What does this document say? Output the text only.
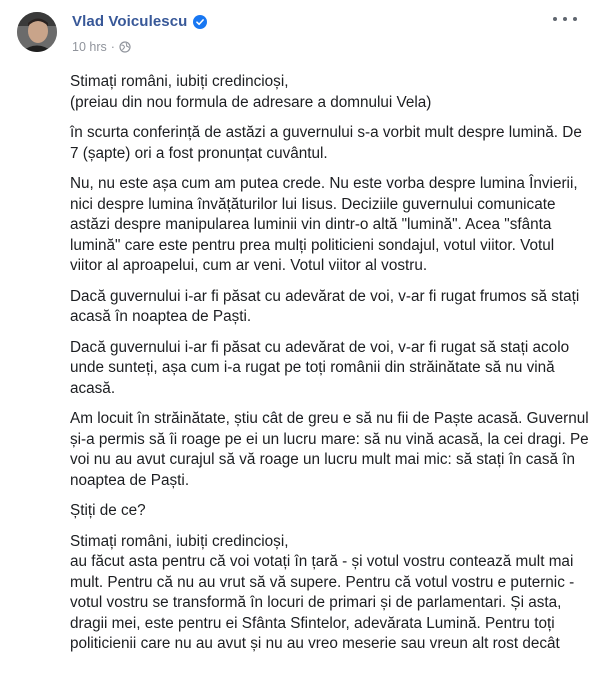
Vlad Voiculescu
10 hrs ·

Stimați români, iubiți credincioși,
(preiau din nou formula de adresare a domnului Vela)

în scurta conferință de astăzi a guvernului s-a vorbit mult despre lumină. De
7 (șapte) ori a fost pronunțat cuvântul.

Nu, nu este așa cum am putea crede. Nu este vorba despre lumina Învierii,
nici despre lumina învățăturilor lui Iisus. Deciziile guvernului comunicate
astăzi despre manipularea luminii vin dintr-o altă "lumină". Acea "sfânta
lumină" care este pentru prea mulți politicieni sondajul, votul viitor. Votul
viitor al aproapelui, cum ar veni. Votul viitor al vostru.

Dacă guvernului i-ar fi păsat cu adevărat de voi, v-ar fi rugat frumos să stați
acasă în noaptea de Paști.

Dacă guvernului i-ar fi păsat cu adevărat de voi, v-ar fi rugat să stați acolo
unde sunteți, așa cum i-a rugat pe toți românii din străinătate să nu vină
acasă.

Am locuit în străinătate, știu cât de greu e să nu fii de Paște acasă. Guvernul
și-a permis să îi roage pe ei un lucru mare: să nu vină acasă, la cei dragi. Pe
voi nu au avut curajul să vă roage un lucru mult mai mic: să stați în casă în
noaptea de Paști.

Știți de ce?

Stimați români, iubiți credincioși,
au făcut asta pentru că voi votați în țară - și votul vostru contează mult mai
mult. Pentru că nu au vrut să vă supere. Pentru că votul vostru e puternic -
votul vostru se transformă în locuri de primari și de parlamentari. Și asta,
dragii mei, este pentru ei Sfânta Sfintelor, adevărata Lumină. Pentru toți
politicienii care nu au avut și nu au vreo meserie sau vreun alt rost decât
